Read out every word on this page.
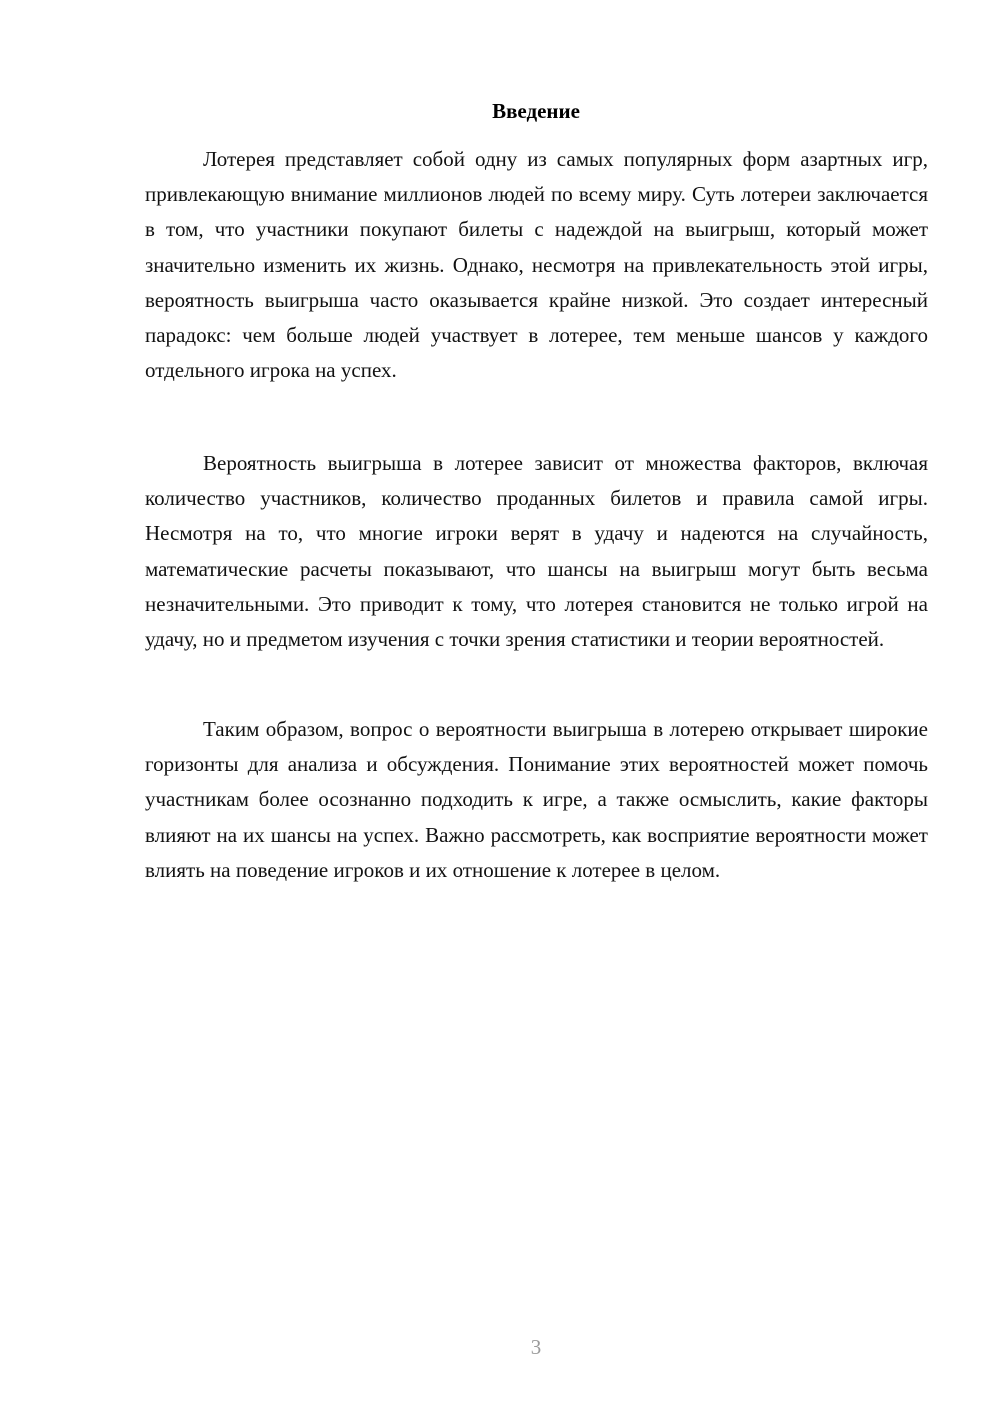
Введение

Лотерея представляет собой одну из самых популярных форм азартных игр, привлекающую внимание миллионов людей по всему миру. Суть лотереи заключается в том, что участники покупают билеты с надеждой на выигрыш, который может значительно изменить их жизнь. Однако, несмотря на привлекательность этой игры, вероятность выигрыша часто оказывается крайне низкой. Это создает интересный парадокс: чем больше людей участвует в лотерее, тем меньше шансов у каждого отдельного игрока на успех.

Вероятность выигрыша в лотерее зависит от множества факторов, включая количество участников, количество проданных билетов и правила самой игры. Несмотря на то, что многие игроки верят в удачу и надеются на случайность, математические расчеты показывают, что шансы на выигрыш могут быть весьма незначительными. Это приводит к тому, что лотерея становится не только игрой на удачу, но и предметом изучения с точки зрения статистики и теории вероятностей.

Таким образом, вопрос о вероятности выигрыша в лотерею открывает широкие горизонты для анализа и обсуждения. Понимание этих вероятностей может помочь участникам более осознанно подходить к игре, а также осмыслить, какие факторы влияют на их шансы на успех. Важно рассмотреть, как восприятие вероятности может влиять на поведение игроков и их отношение к лотерее в целом.

3
